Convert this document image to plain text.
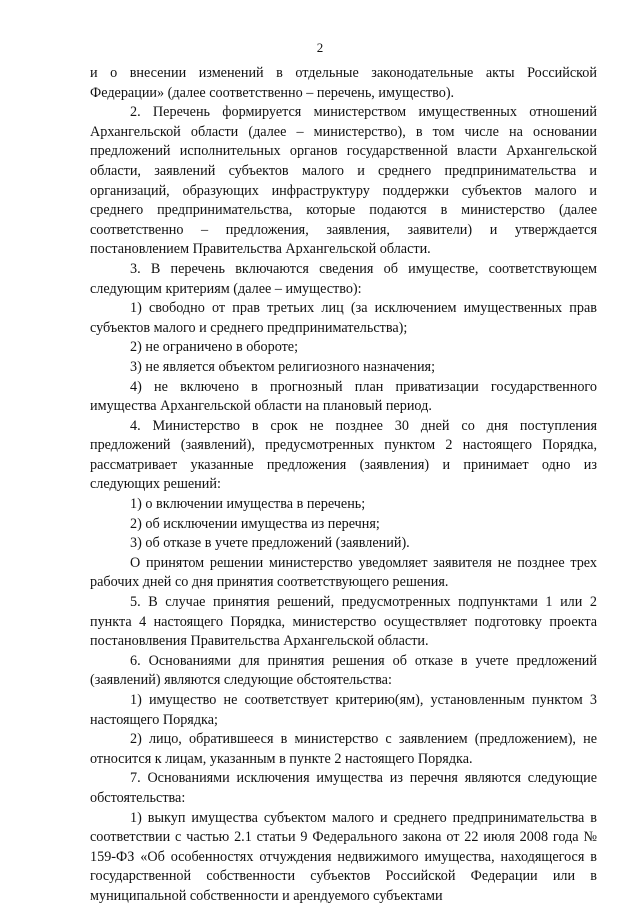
2

и о внесении изменений в отдельные законодательные акты Российской Федерации» (далее соответственно – перечень, имущество).

2. Перечень формируется министерством имущественных отношений Архангельской области (далее – министерство), в том числе на основании предложений исполнительных органов государственной власти Архангельской области, заявлений субъектов малого и среднего предпринимательства и организаций, образующих инфраструктуру поддержки субъектов малого и среднего предпринимательства, которые подаются в министерство (далее соответственно – предложения, заявления, заявители) и утверждается постановлением Правительства Архангельской области.

3. В перечень включаются сведения об имуществе, соответствующем следующим критериям (далее – имущество):

1) свободно от прав третьих лиц (за исключением имущественных прав субъектов малого и среднего предпринимательства);

2) не ограничено в обороте;

3) не является объектом религиозного назначения;

4) не включено в прогнозный план приватизации государственного имущества Архангельской области на плановый период.

4. Министерство в срок не позднее 30 дней со дня поступления предложений (заявлений), предусмотренных пунктом 2 настоящего Порядка, рассматривает указанные предложения (заявления) и принимает одно из следующих решений:

1) о включении имущества в перечень;

2) об исключении имущества из перечня;

3) об отказе в учете предложений (заявлений).

О принятом решении министерство уведомляет заявителя не позднее трех рабочих дней со дня принятия соответствующего решения.

5. В случае принятия решений, предусмотренных подпунктами 1 или 2 пункта 4 настоящего Порядка, министерство осуществляет подготовку проекта постановлвения Правительства Архангельской области.

6. Основаниями для принятия решения об отказе в учете предложений (заявлений) являются следующие обстоятельства:

1) имущество не соответствует критерию(ям), установленным пунктом 3 настоящего Порядка;

2) лицо, обратившееся в министерство с заявлением (предложением), не относится к лицам, указанным в пункте 2 настоящего Порядка.

7. Основаниями исключения имущества из перечня являются следующие обстоятельства:

1) выкуп имущества субъектом малого и среднего предпринимательства в соответствии с частью 2.1 статьи 9 Федерального закона от 22 июля 2008 года № 159-ФЗ «Об особенностях отчуждения недвижимого имущества, находящегося в государственной собственности субъектов Российской Федерации или в муниципальной собственности и арендуемого субъектами
